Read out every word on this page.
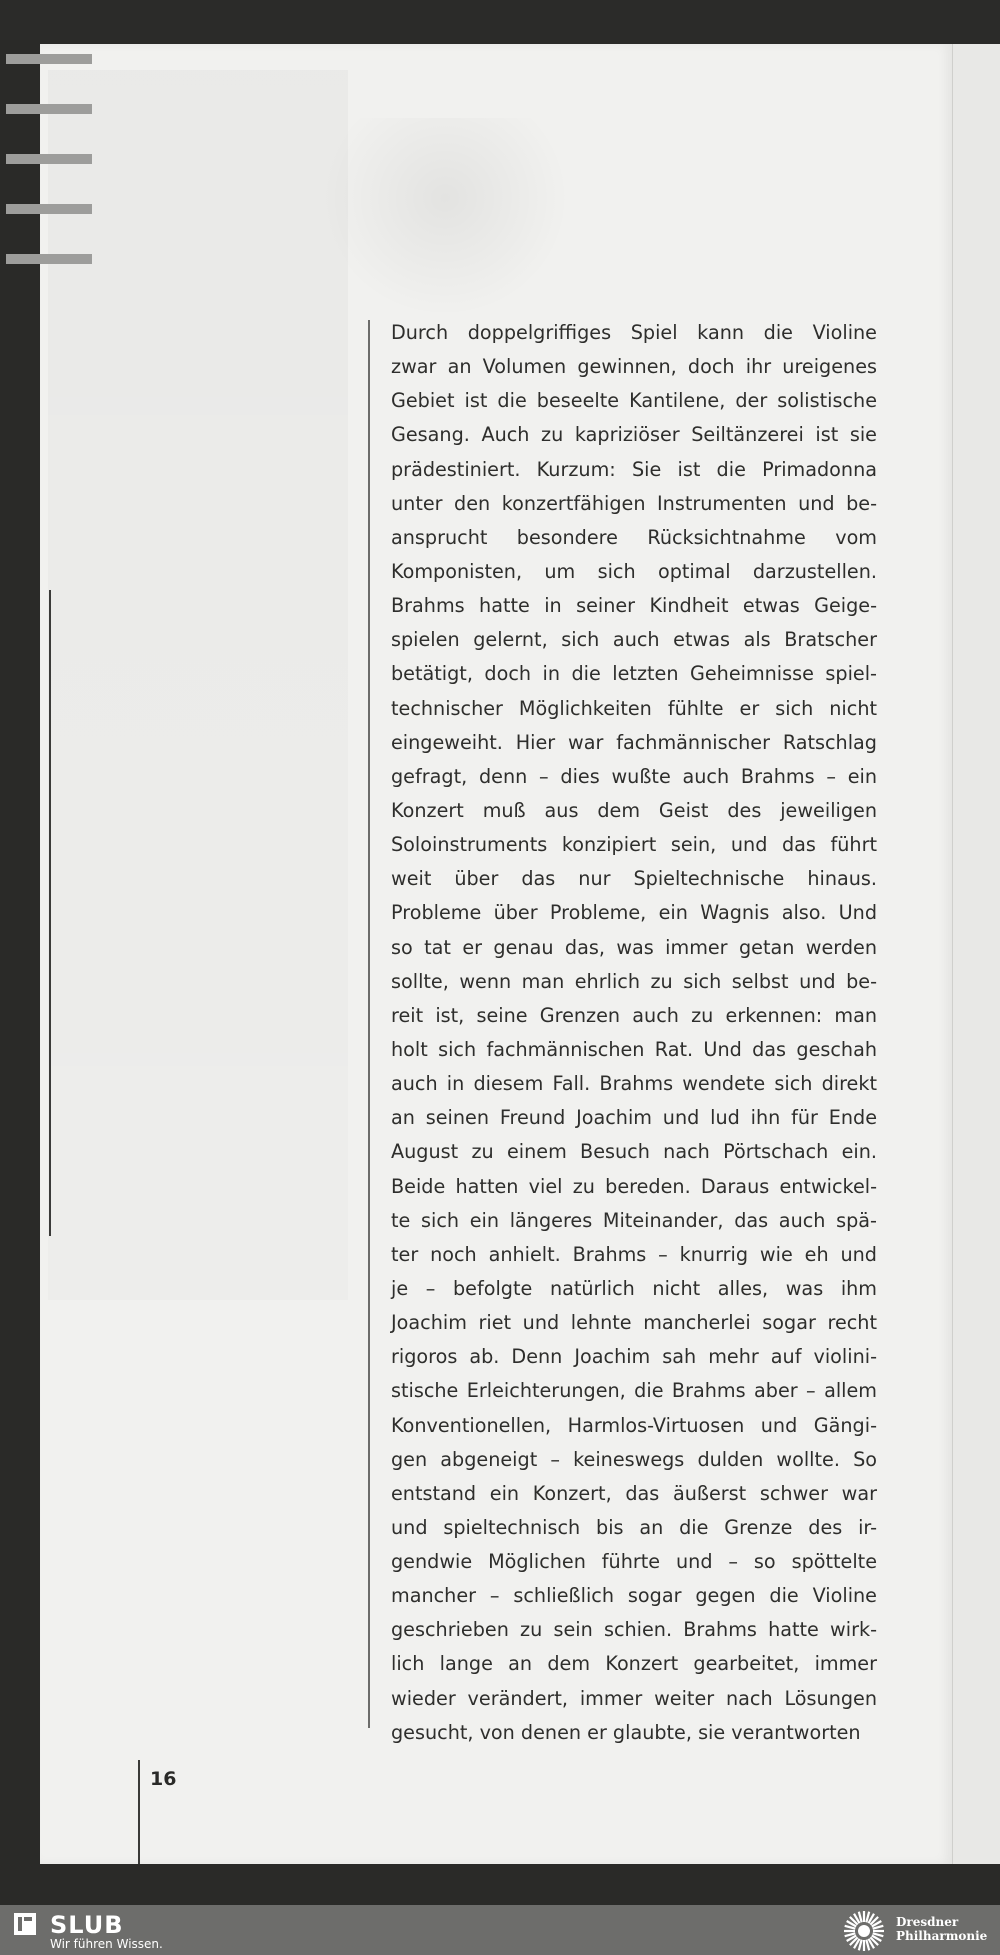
Durch doppelgriffiges Spiel kann die Violine
zwar an Volumen gewinnen, doch ihr ureigenes
Gebiet ist die beseelte Kantilene, der solistische
Gesang. Auch zu kapriziöser Seiltänzerei ist sie
prädestiniert. Kurzum: Sie ist die Primadonna
unter den konzertfähigen Instrumenten und be-
ansprucht besondere Rücksichtnahme vom
Komponisten, um sich optimal darzustellen.
Brahms hatte in seiner Kindheit etwas Geige-
spielen gelernt, sich auch etwas als Bratscher
betätigt, doch in die letzten Geheimnisse spiel-
technischer Möglichkeiten fühlte er sich nicht
eingeweiht. Hier war fachmännischer Ratschlag
gefragt, denn – dies wußte auch Brahms – ein
Konzert muß aus dem Geist des jeweiligen
Soloinstruments konzipiert sein, und das führt
weit über das nur Spieltechnische hinaus.
Probleme über Probleme, ein Wagnis also. Und
so tat er genau das, was immer getan werden
sollte, wenn man ehrlich zu sich selbst und be-
reit ist, seine Grenzen auch zu erkennen: man
holt sich fachmännischen Rat. Und das geschah
auch in diesem Fall. Brahms wendete sich direkt
an seinen Freund Joachim und lud ihn für Ende
August zu einem Besuch nach Pörtschach ein.
Beide hatten viel zu bereden. Daraus entwickel-
te sich ein längeres Miteinander, das auch spä-
ter noch anhielt. Brahms – knurrig wie eh und
je – befolgte natürlich nicht alles, was ihm
Joachim riet und lehnte mancherlei sogar recht
rigoros ab. Denn Joachim sah mehr auf violini-
stische Erleichterungen, die Brahms aber – allem
Konventionellen, Harmlos-Virtuosen und Gängi-
gen abgeneigt – keineswegs dulden wollte. So
entstand ein Konzert, das äußerst schwer war
und spieltechnisch bis an die Grenze des ir-
gendwie Möglichen führte und – so spöttelte
mancher – schließlich sogar gegen die Violine
geschrieben zu sein schien. Brahms hatte wirk-
lich lange an dem Konzert gearbeitet, immer
wieder verändert, immer weiter nach Lösungen
gesucht, von denen er glaubte, sie verantworten
16
SLUB
Wir führen Wissen.
Dresdner
Philharmonie
